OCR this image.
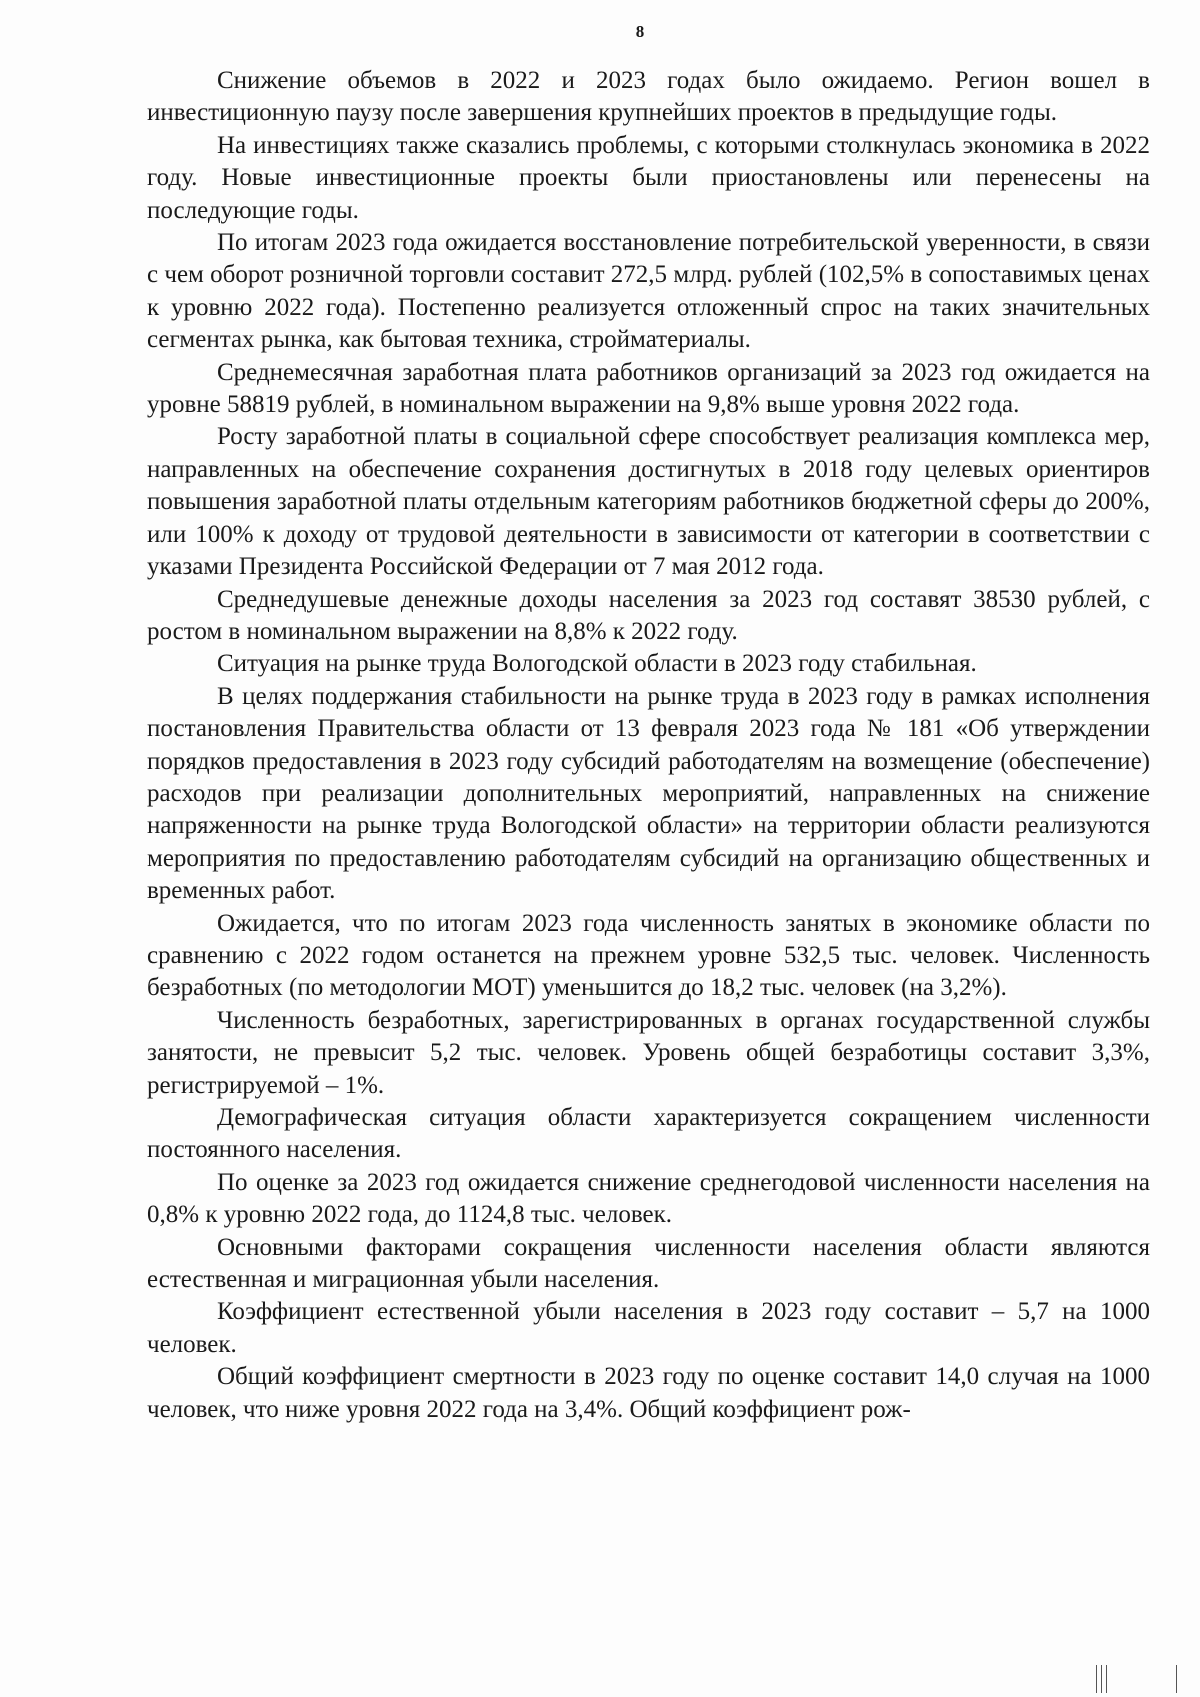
8

Снижение объемов в 2022 и 2023 годах было ожидаемо. Регион вошел в инвестиционную паузу после завершения крупнейших проектов в предыдущие годы.

На инвестициях также сказались проблемы, с которыми столкнулась экономика в 2022 году. Новые инвестиционные проекты были приостановлены или перенесены на последующие годы.

По итогам 2023 года ожидается восстановление потребительской уверенности, в связи с чем оборот розничной торговли составит 272,5 млрд. рублей (102,5% в сопоставимых ценах к уровню 2022 года). Постепенно реализуется отложенный спрос на таких значительных сегментах рынка, как бытовая техника, стройматериалы.

Среднемесячная заработная плата работников организаций за 2023 год ожидается на уровне 58819 рублей, в номинальном выражении на 9,8% выше уровня 2022 года.

Росту заработной платы в социальной сфере способствует реализация комплекса мер, направленных на обеспечение сохранения достигнутых в 2018 году целевых ориентиров повышения заработной платы отдельным категориям работников бюджетной сферы до 200%, или 100% к доходу от трудовой деятельности в зависимости от категории в соответствии с указами Президента Российской Федерации от 7 мая 2012 года.

Среднедушевые денежные доходы населения за 2023 год составят 38530 рублей, с ростом в номинальном выражении на 8,8% к 2022 году.

Ситуация на рынке труда Вологодской области в 2023 году стабильная.

В целях поддержания стабильности на рынке труда в 2023 году в рамках исполнения постановления Правительства области от 13 февраля 2023 года № 181 «Об утверждении порядков предоставления в 2023 году субсидий работодателям на возмещение (обеспечение) расходов при реализации дополнительных мероприятий, направленных на снижение напряженности на рынке труда Вологодской области» на территории области реализуются мероприятия по предоставлению работодателям субсидий на организацию общественных и временных работ.

Ожидается, что по итогам 2023 года численность занятых в экономике области по сравнению с 2022 годом останется на прежнем уровне 532,5 тыс. человек. Численность безработных (по методологии МОТ) уменьшится до 18,2 тыс. человек (на 3,2%).

Численность безработных, зарегистрированных в органах государственной службы занятости, не превысит 5,2 тыс. человек. Уровень общей безработицы составит 3,3%, регистрируемой – 1%.

Демографическая ситуация области характеризуется сокращением численности постоянного населения.

По оценке за 2023 год ожидается снижение среднегодовой численности населения на 0,8% к уровню 2022 года, до 1124,8 тыс. человек.

Основными факторами сокращения численности населения области являются естественная и миграционная убыли населения.

Коэффициент естественной убыли населения в 2023 году составит – 5,7 на 1000 человек.

Общий коэффициент смертности в 2023 году по оценке составит 14,0 случая на 1000 человек, что ниже уровня 2022 года на 3,4%. Общий коэффициент рож-
